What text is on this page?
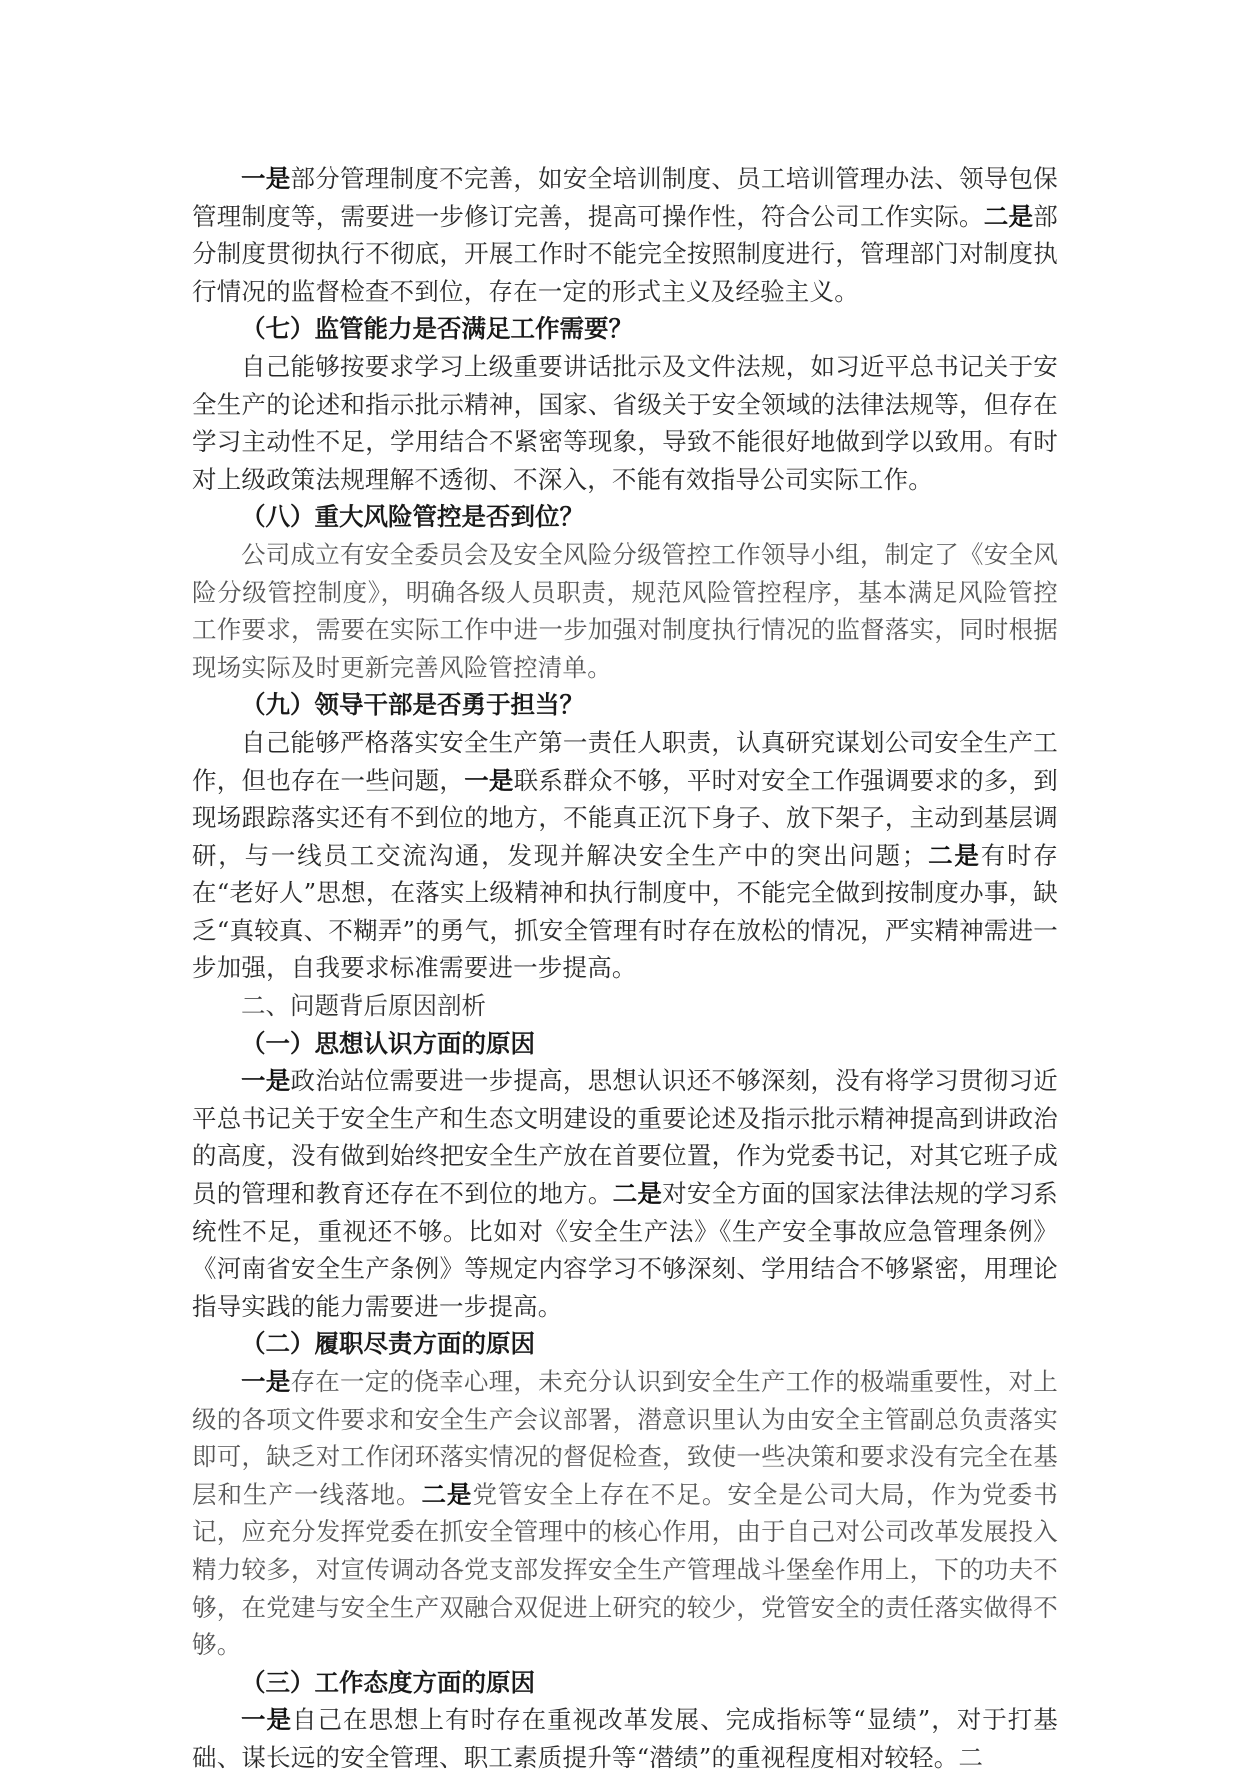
一是部分管理制度不完善，如安全培训制度、员工培训管理办法、领导包保管理制度等，需要进一步修订完善，提高可操作性，符合公司工作实际。二是部分制度贯彻执行不彻底，开展工作时不能完全按照制度进行，管理部门对制度执行情况的监督检查不到位，存在一定的形式主义及经验主义。

（七）监管能力是否满足工作需要？

自己能够按要求学习上级重要讲话批示及文件法规，如习近平总书记关于安全生产的论述和指示批示精神，国家、省级关于安全领域的法律法规等，但存在学习主动性不足，学用结合不紧密等现象，导致不能很好地做到学以致用。有时对上级政策法规理解不透彻、不深入，不能有效指导公司实际工作。

（八）重大风险管控是否到位？

公司成立有安全委员会及安全风险分级管控工作领导小组，制定了《安全风险分级管控制度》，明确各级人员职责，规范风险管控程序，基本满足风险管控工作要求，需要在实际工作中进一步加强对制度执行情况的监督落实，同时根据现场实际及时更新完善风险管控清单。

（九）领导干部是否勇于担当？

自己能够严格落实安全生产第一责任人职责，认真研究谋划公司安全生产工作，但也存在一些问题，一是联系群众不够，平时对安全工作强调要求的多，到现场跟踪落实还有不到位的地方，不能真正沉下身子、放下架子，主动到基层调研，与一线员工交流沟通，发现并解决安全生产中的突出问题；二是有时存在“老好人”思想，在落实上级精神和执行制度中，不能完全做到按制度办事，缺乏“真较真、不糊弄”的勇气，抓安全管理有时存在放松的情况，严实精神需进一步加强，自我要求标准需要进一步提高。

二、问题背后原因剖析

（一）思想认识方面的原因

一是政治站位需要进一步提高，思想认识还不够深刻，没有将学习贯彻习近平总书记关于安全生产和生态文明建设的重要论述及指示批示精神提高到讲政治的高度，没有做到始终把安全生产放在首要位置，作为党委书记，对其它班子成员的管理和教育还存在不到位的地方。二是对安全方面的国家法律法规的学习系统性不足，重视还不够。比如对《安全生产法》《生产安全事故应急管理条例》《河南省安全生产条例》等规定内容学习不够深刻、学用结合不够紧密，用理论指导实践的能力需要进一步提高。

（二）履职尽责方面的原因

一是存在一定的侥幸心理，未充分认识到安全生产工作的极端重要性，对上级的各项文件要求和安全生产会议部署，潜意识里认为由安全主管副总负责落实即可，缺乏对工作闭环落实情况的督促检查，致使一些决策和要求没有完全在基层和生产一线落地。二是党管安全上存在不足。安全是公司大局，作为党委书记，应充分发挥党委在抓安全管理中的核心作用，由于自己对公司改革发展投入精力较多，对宣传调动各党支部发挥安全生产管理战斗堡垒作用上，下的功夫不够，在党建与安全生产双融合双促进上研究的较少，党管安全的责任落实做得不够。

（三）工作态度方面的原因

一是自己在思想上有时存在重视改革发展、完成指标等“显绩”，对于打基础、谋长远的安全管理、职工素质提升等“潜绩”的重视程度相对较轻。二
